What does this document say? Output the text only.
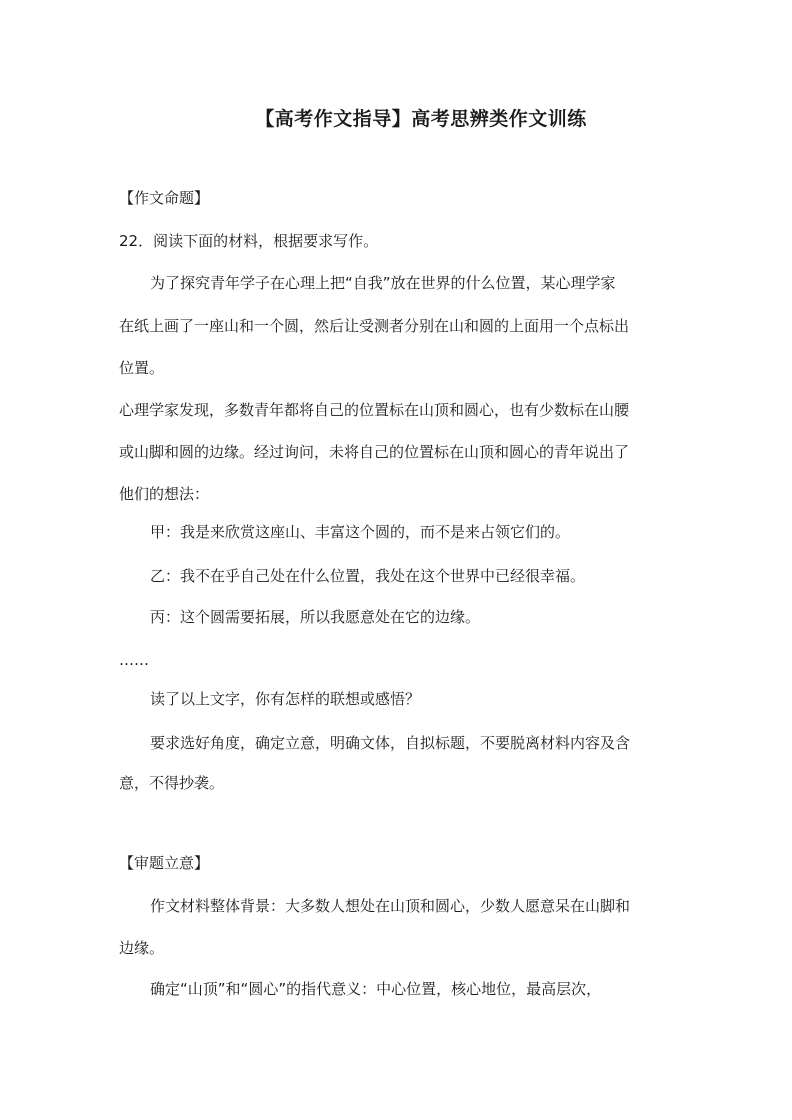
【高考作文指导】高考思辨类作文训练
【作文命题】
22．阅读下面的材料，根据要求写作。
为了探究青年学子在心理上把“自我”放在世界的什么位置，某心理学家
在纸上画了一座山和一个圆，然后让受测者分别在山和圆的上面用一个点标出
位置。
心理学家发现，多数青年都将自己的位置标在山顶和圆心，也有少数标在山腰
或山脚和圆的边缘。经过询问，未将自己的位置标在山顶和圆心的青年说出了
他们的想法：
甲：我是来欣赏这座山、丰富这个圆的，而不是来占领它们的。
乙：我不在乎自己处在什么位置，我处在这个世界中已经很幸福。
丙：这个圆需要拓展，所以我愿意处在它的边缘。
……
读了以上文字，你有怎样的联想或感悟？
要求选好角度，确定立意，明确文体，自拟标题，不要脱离材料内容及含
意，不得抄袭。
【审题立意】
作文材料整体背景：大多数人想处在山顶和圆心，少数人愿意呆在山脚和
边缘。
确定“山顶”和“圆心”的指代意义：中心位置，核心地位，最高层次，
